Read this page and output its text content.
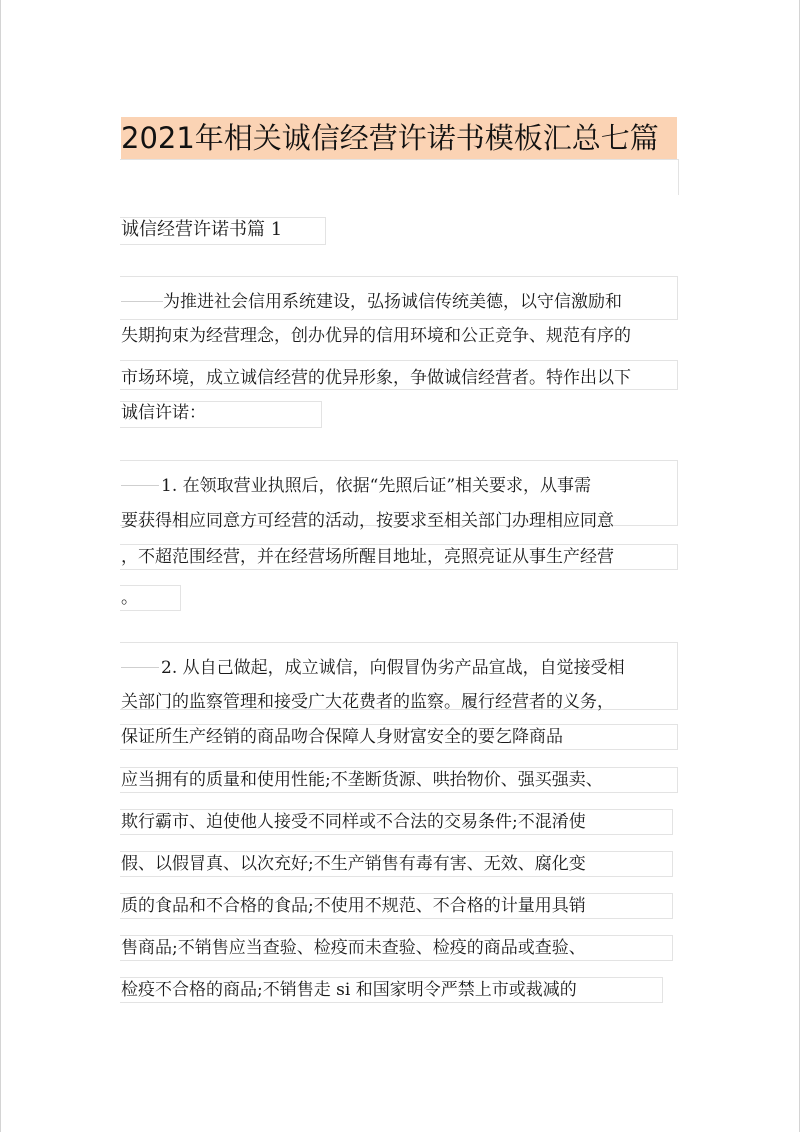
2021年相关诚信经营许诺书模板汇总七篇
诚信经营许诺书篇 1
为推进社会信用系统建设，弘扬诚信传统美德，以守信激励和
失期拘束为经营理念，创办优异的信用环境和公正竞争、规范有序的
市场环境，成立诚信经营的优异形象，争做诚信经营者。特作出以下
诚信许诺：
1. 在领取营业执照后，依据“先照后证”相关要求，从事需
要获得相应同意方可经营的活动，按要求至相关部门办理相应同意
，不超范围经营，并在经营场所醒目地址，亮照亮证从事生产经营
。
2. 从自己做起，成立诚信，向假冒伪劣产品宣战，自觉接受相
关部门的监察管理和接受广大花费者的监察。履行经营者的义务，
保证所生产经销的商品吻合保障人身财富安全的要乞降商品
应当拥有的质量和使用性能;不垄断货源、哄抬物价、强买强卖、
欺行霸市、迫使他人接受不同样或不合法的交易条件;不混淆使
假、以假冒真、以次充好;不生产销售有毒有害、无效、腐化变
质的食品和不合格的食品;不使用不规范、不合格的计量用具销
售商品;不销售应当查验、检疫而未查验、检疫的商品或查验、
检疫不合格的商品;不销售走 si 和国家明令严禁上市或裁减的
